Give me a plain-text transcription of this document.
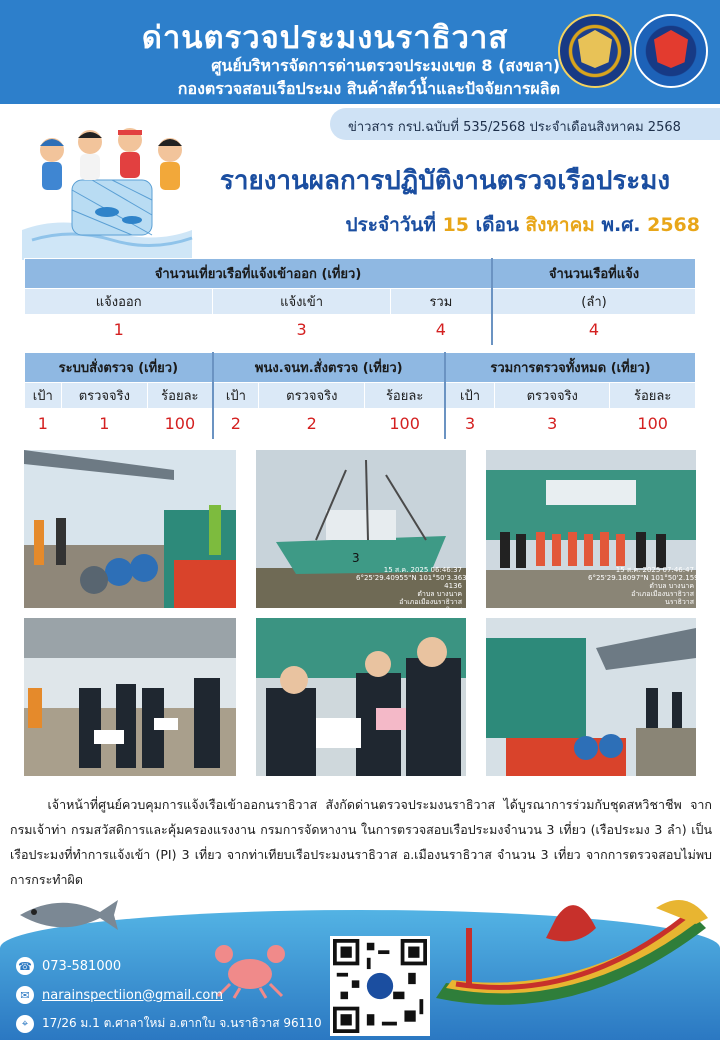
ด่านตรวจประมงนราธิวาส
ศูนย์บริหารจัดการด่านตรวจประมงเขต 8 (สงขลา)
กองตรวจสอบเรือประมง สินค้าสัตว์น้ำและปัจจัยการผลิต
ข่าวสาร กรป.ฉบับที่ 535/2568 ประจำเดือนสิงหาคม 2568
รายงานผลการปฏิบัติงานตรวจเรือประมง
ประจำวันที่ 15 เดือน สิงหาคม พ.ศ. 2568
จำนวนเที่ยวเรือที่แจ้งเข้าออก (เที่ยว)			จำนวนเรือที่แจ้ง
แจ้งออก	แจ้งเข้า	รวม	(ลำ)
1	3	4	4
ระบบสั่งตรวจ (เที่ยว)			พนง.จนท.สั่งตรวจ (เที่ยว)			รวมการตรวจทั้งหมด (เที่ยว)		
เป้า	ตรวจจริง	ร้อยละ	เป้า	ตรวจจริง	ร้อยละ	เป้า	ตรวจจริง	ร้อยละ
1	1	100	2	2	100	3	3	100
3
15 ส.ค. 2025 06:46:37
6°25'29.40955"N 101°50'3.36336"E
4136
ตำบล บางนาค
อำเภอเมืองนราธิวาส
นราธิวาส
15 ส.ค. 2025 07:46:47
6°25'29.18097"N 101°50'2.15909"E
ตำบล บางนาค
อำเภอเมืองนราธิวาส
นราธิวาส
   เจ้าหน้าที่ศูนย์ควบคุมการแจ้งเรือเข้าออกนราธิวาส สังกัดด่านตรวจประมงนราธิวาส ได้บูรณาการร่วมกับชุดสหวิชาชีพ จากกรมเจ้าท่า กรมสวัสดิการและคุ้มครองแรงงาน กรมการจัดหางาน ในการตรวจสอบเรือประมงจำนวน 3 เที่ยว (เรือประมง 3 ลำ) เป็นเรือประมงที่ทำการแจ้งเข้า (PI) 3 เที่ยว จากท่าเทียบเรือประมงนราธิวาส อ.เมืองนราธิวาส จำนวน 3 เที่ยว จากการตรวจสอบไม่พบการกระทำผิด
☎ 073-581000
✉ narainspectiion@gmail.com
⌖	17/26 ม.1 ต.ศาลาใหม่ อ.ตากใบ จ.นราธิวาส 96110
